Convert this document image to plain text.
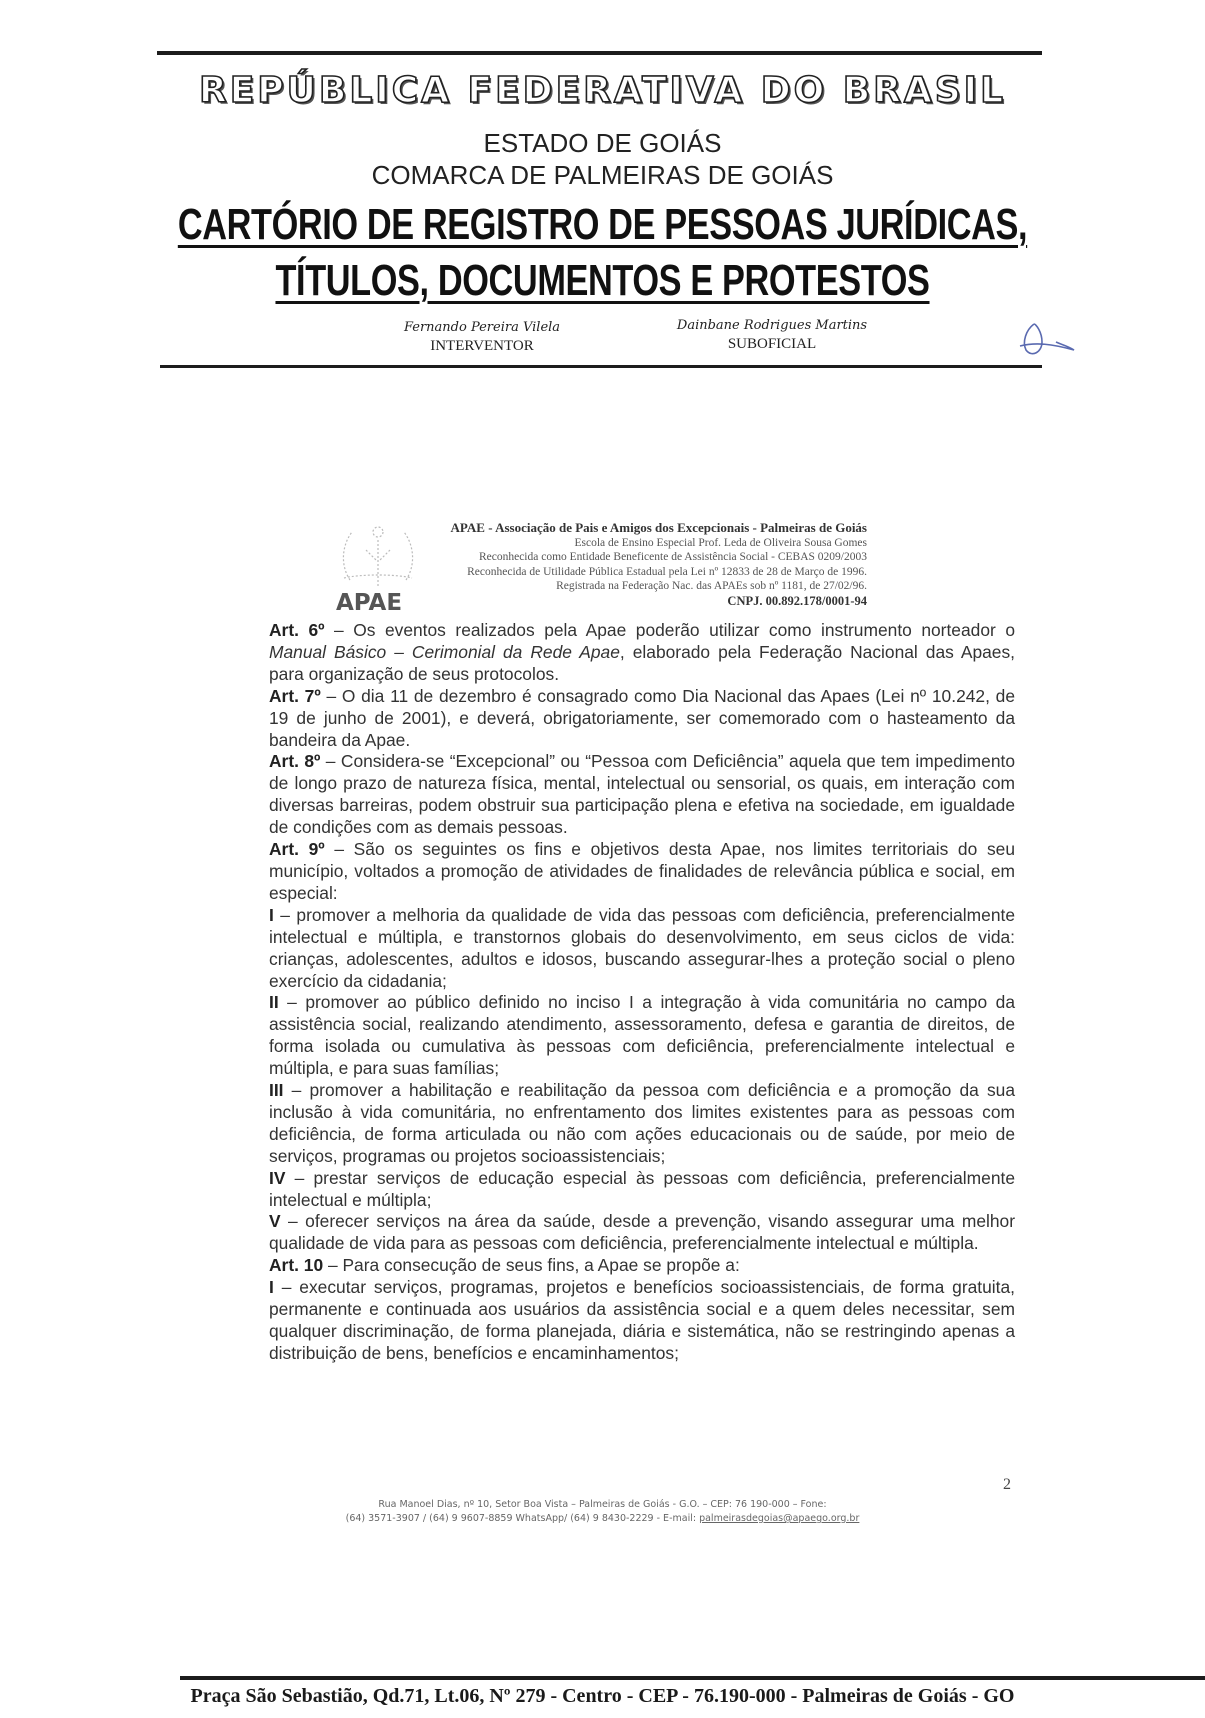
REPÚBLICA FEDERATIVA DO BRASIL
ESTADO DE GOIÁS
COMARCA DE PALMEIRAS DE GOIÁS
CARTÓRIO DE REGISTRO DE PESSOAS JURÍDICAS,
TÍTULOS, DOCUMENTOS E PROTESTOS
Fernando Pereira Vilela
INTERVENTOR
Dainbane Rodrigues Martins
SUBOFICIAL
APAE
APAE - Associação de Pais e Amigos dos Excepcionais - Palmeiras de Goiás
Escola de Ensino Especial Prof. Leda de Oliveira Sousa Gomes
Reconhecida como Entidade Beneficente de Assistência Social - CEBAS 0209/2003
Reconhecida de Utilidade Pública Estadual pela Lei nº 12833 de 28 de Março de 1996.
Registrada na Federação Nac. das APAEs sob nº 1181, de 27/02/96.
CNPJ. 00.892.178/0001-94

Art. 6º – Os eventos realizados pela Apae poderão utilizar como instrumento norteador o Manual Básico – Cerimonial da Rede Apae, elaborado pela Federação Nacional das Apaes, para organização de seus protocolos.

Art. 7º – O dia 11 de dezembro é consagrado como Dia Nacional das Apaes (Lei nº 10.242, de 19 de junho de 2001), e deverá, obrigatoriamente, ser comemorado com o hasteamento da bandeira da Apae.

Art. 8º – Considera-se “Excepcional” ou “Pessoa com Deficiência” aquela que tem impedimento de longo prazo de natureza física, mental, intelectual ou sensorial, os quais, em interação com diversas barreiras, podem obstruir sua participação plena e efetiva na sociedade, em igualdade de condições com as demais pessoas.

Art. 9º – São os seguintes os fins e objetivos desta Apae, nos limites territoriais do seu município, voltados a promoção de atividades de finalidades de relevância pública e social, em especial:

I – promover a melhoria da qualidade de vida das pessoas com deficiência, preferencialmente intelectual e múltipla, e transtornos globais do desenvolvimento, em seus ciclos de vida: crianças, adolescentes, adultos e idosos, buscando assegurar-lhes a proteção social o pleno exercício da cidadania;

II – promover ao público definido no inciso I a integração à vida comunitária no campo da assistência social, realizando atendimento, assessoramento, defesa e garantia de direitos, de forma isolada ou cumulativa às pessoas com deficiência, preferencialmente intelectual e múltipla, e para suas famílias;

III – promover a habilitação e reabilitação da pessoa com deficiência e a promoção da sua inclusão à vida comunitária, no enfrentamento dos limites existentes para as pessoas com deficiência, de forma articulada ou não com ações educacionais ou de saúde, por meio de serviços, programas ou projetos socioassistenciais;

IV – prestar serviços de educação especial às pessoas com deficiência, preferencialmente intelectual e múltipla;

V – oferecer serviços na área da saúde, desde a prevenção, visando assegurar uma melhor qualidade de vida para as pessoas com deficiência, preferencialmente intelectual e múltipla.

Art. 10 – Para consecução de seus fins, a Apae se propõe a:

I – executar serviços, programas, projetos e benefícios socioassistenciais, de forma gratuita, permanente e continuada aos usuários da assistência social e a quem deles necessitar, sem qualquer discriminação, de forma planejada, diária e sistemática, não se restringindo apenas a distribuição de bens, benefícios e encaminhamentos;

2
Rua Manoel Dias, nº 10, Setor Boa Vista – Palmeiras de Goiás - G.O. – CEP: 76 190-000 – Fone:
(64) 3571-3907 / (64) 9 9607-8859 WhatsApp/ (64) 9 8430-2229 - E-mail: palmeirasdegoias@apaego.org.br
Praça São Sebastião, Qd.71, Lt.06, Nº 279 - Centro - CEP - 76.190-000 - Palmeiras de Goiás - GO
